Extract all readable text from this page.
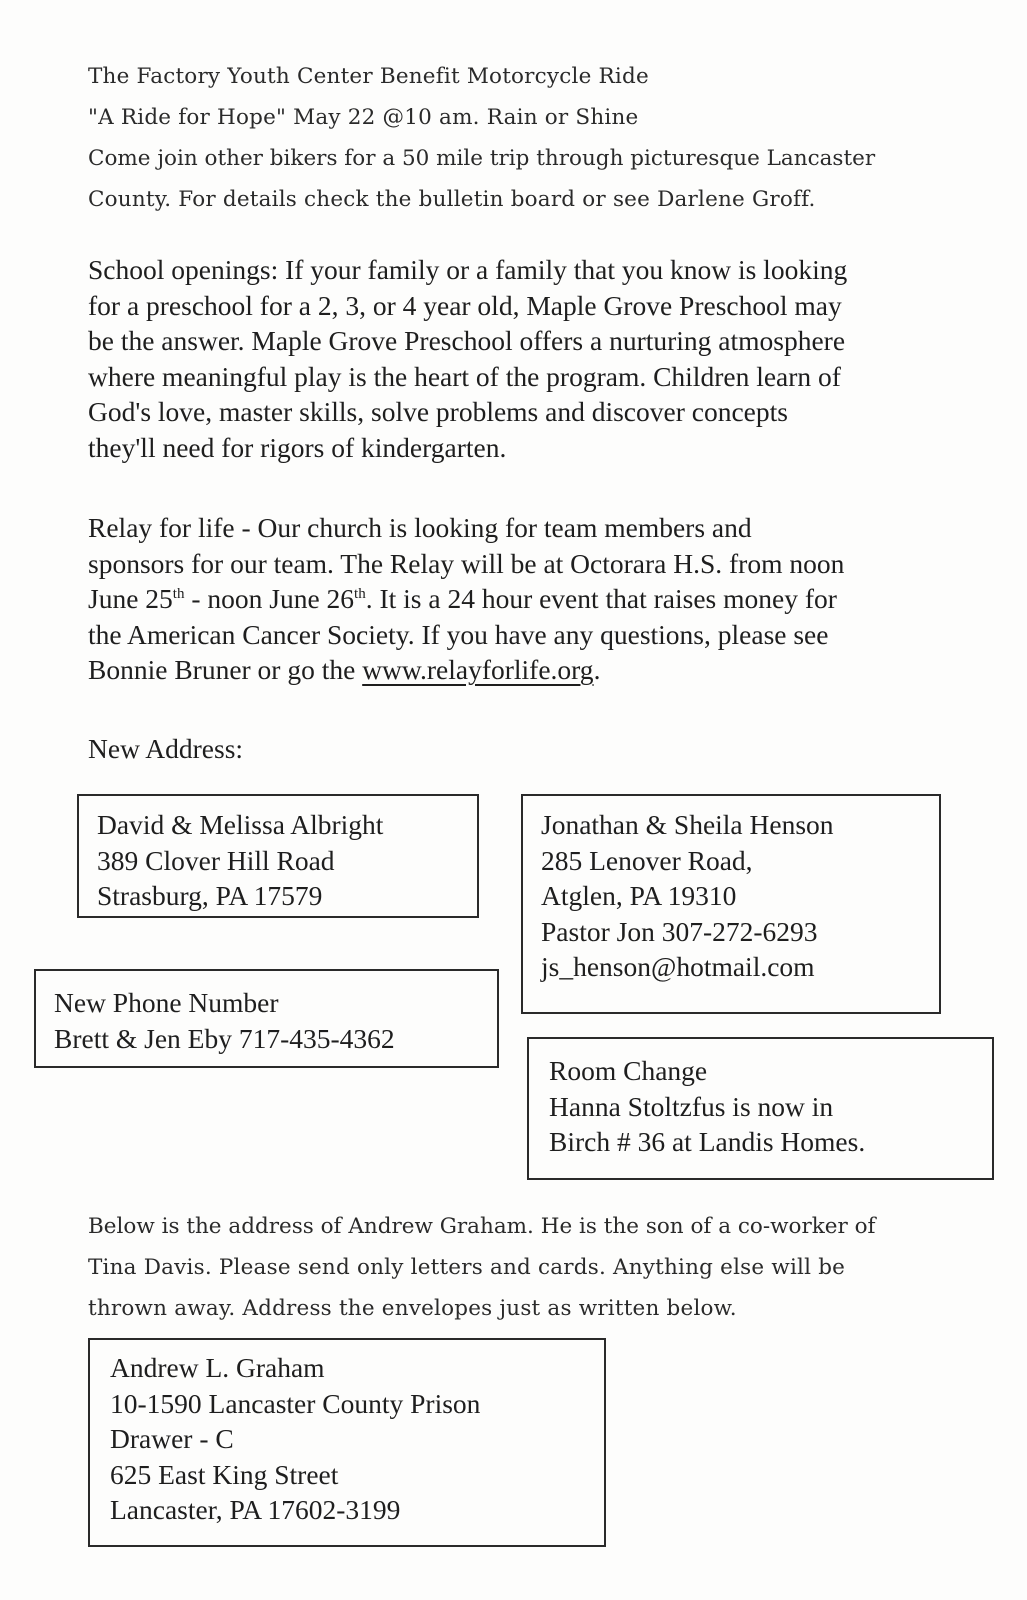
The Factory Youth Center Benefit Motorcycle Ride
"A Ride for Hope" May 22 @10 am. Rain or Shine
Come join other bikers for a 50 mile trip through picturesque Lancaster
County. For details check the bulletin board or see Darlene Groff.
School openings: If your family or a family that you know is looking
for a preschool for a 2, 3, or 4 year old, Maple Grove Preschool may
be the answer. Maple Grove Preschool offers a nurturing atmosphere
where meaningful play is the heart of the program. Children learn of
God's love, master skills, solve problems and discover concepts
they'll need for rigors of kindergarten.
Relay for life - Our church is looking for team members and
sponsors for our team. The Relay will be at Octorara H.S. from noon
June 25th - noon June 26th. It is a 24 hour event that raises money for
the American Cancer Society. If you have any questions, please see
Bonnie Bruner or go the www.relayforlife.org.
New Address:
David & Melissa Albright
389 Clover Hill Road
Strasburg, PA 17579
Jonathan & Sheila Henson
285 Lenover Road,
Atglen, PA 19310
Pastor Jon 307-272-6293
js_henson@hotmail.com
New Phone Number
Brett & Jen Eby 717-435-4362
Room Change
Hanna Stoltzfus is now in
Birch # 36 at Landis Homes.
Below is the address of Andrew Graham. He is the son of a co-worker of
Tina Davis. Please send only letters and cards. Anything else will be
thrown away. Address the envelopes just as written below.
Andrew L. Graham
10-1590 Lancaster County Prison
Drawer - C
625 East King Street
Lancaster, PA 17602-3199
